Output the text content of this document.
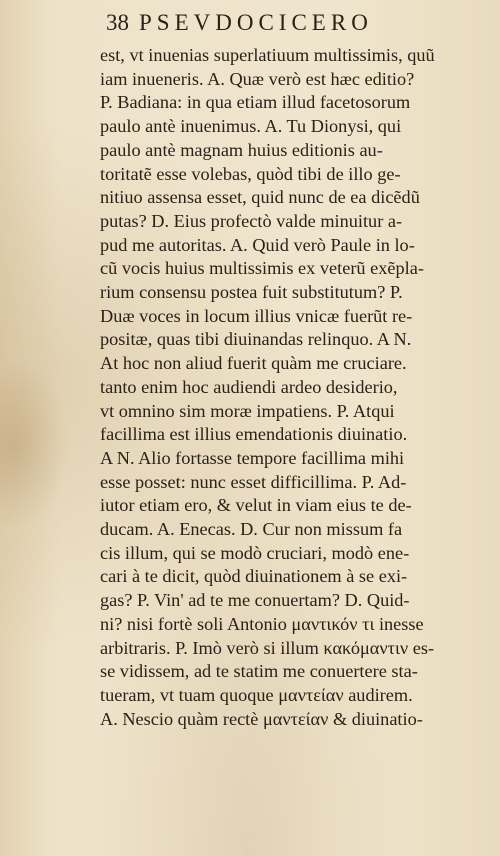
38 PSEVDOCICERO
est, vt inuenias superlatiuum multissimis, quũ
iam inueneris. A. Quæ verò est hæc editio?
P. Badiana: in qua etiam illud facetosorum
paulo antè inuenimus. A. Tu Dionysi, qui
paulo antè magnam huius editionis au-
toritatẽ esse volebas, quòd tibi de illo ge-
nitiuo assensa esset, quid nunc de ea dicẽdũ
putas? D. Eius profectò valde minuitur a-
pud me autoritas. A. Quid verò Paule in lo-
cũ vocis huius multissimis ex veterũ exẽpla-
rium consensu postea fuit substitutum? P.
Duæ voces in locum illius vnicæ fuerũt re-
positæ, quas tibi diuinandas relinquo. A N.
At hoc non aliud fuerit quàm me cruciare.
tanto enim hoc audiendi ardeo desiderio,
vt omnino sim moræ impatiens. P. Atqui
facillima est illius emendationis diuinatio.
A N. Alio fortasse tempore facillima mihi
esse posset: nunc esset difficillima. P. Ad-
iutor etiam ero, & velut in viam eius te de-
ducam. A. Enecas. D. Cur non missum fa
cis illum, qui se modò cruciari, modò ene-
cari à te dicit, quòd diuinationem à se exi-
gas? P. Vin' ad te me conuertam? D. Quid-
ni? nisi fortè soli Antonio μαντικόν τι inesse
arbitraris. P. Imò verò si illum κακόμαντιν es-
se vidissem, ad te statim me conuertere sta-
tueram, vt tuam quoque μαντείαν audirem.
A. Nescio quàm rectè μαντείαν & diuinatio-
